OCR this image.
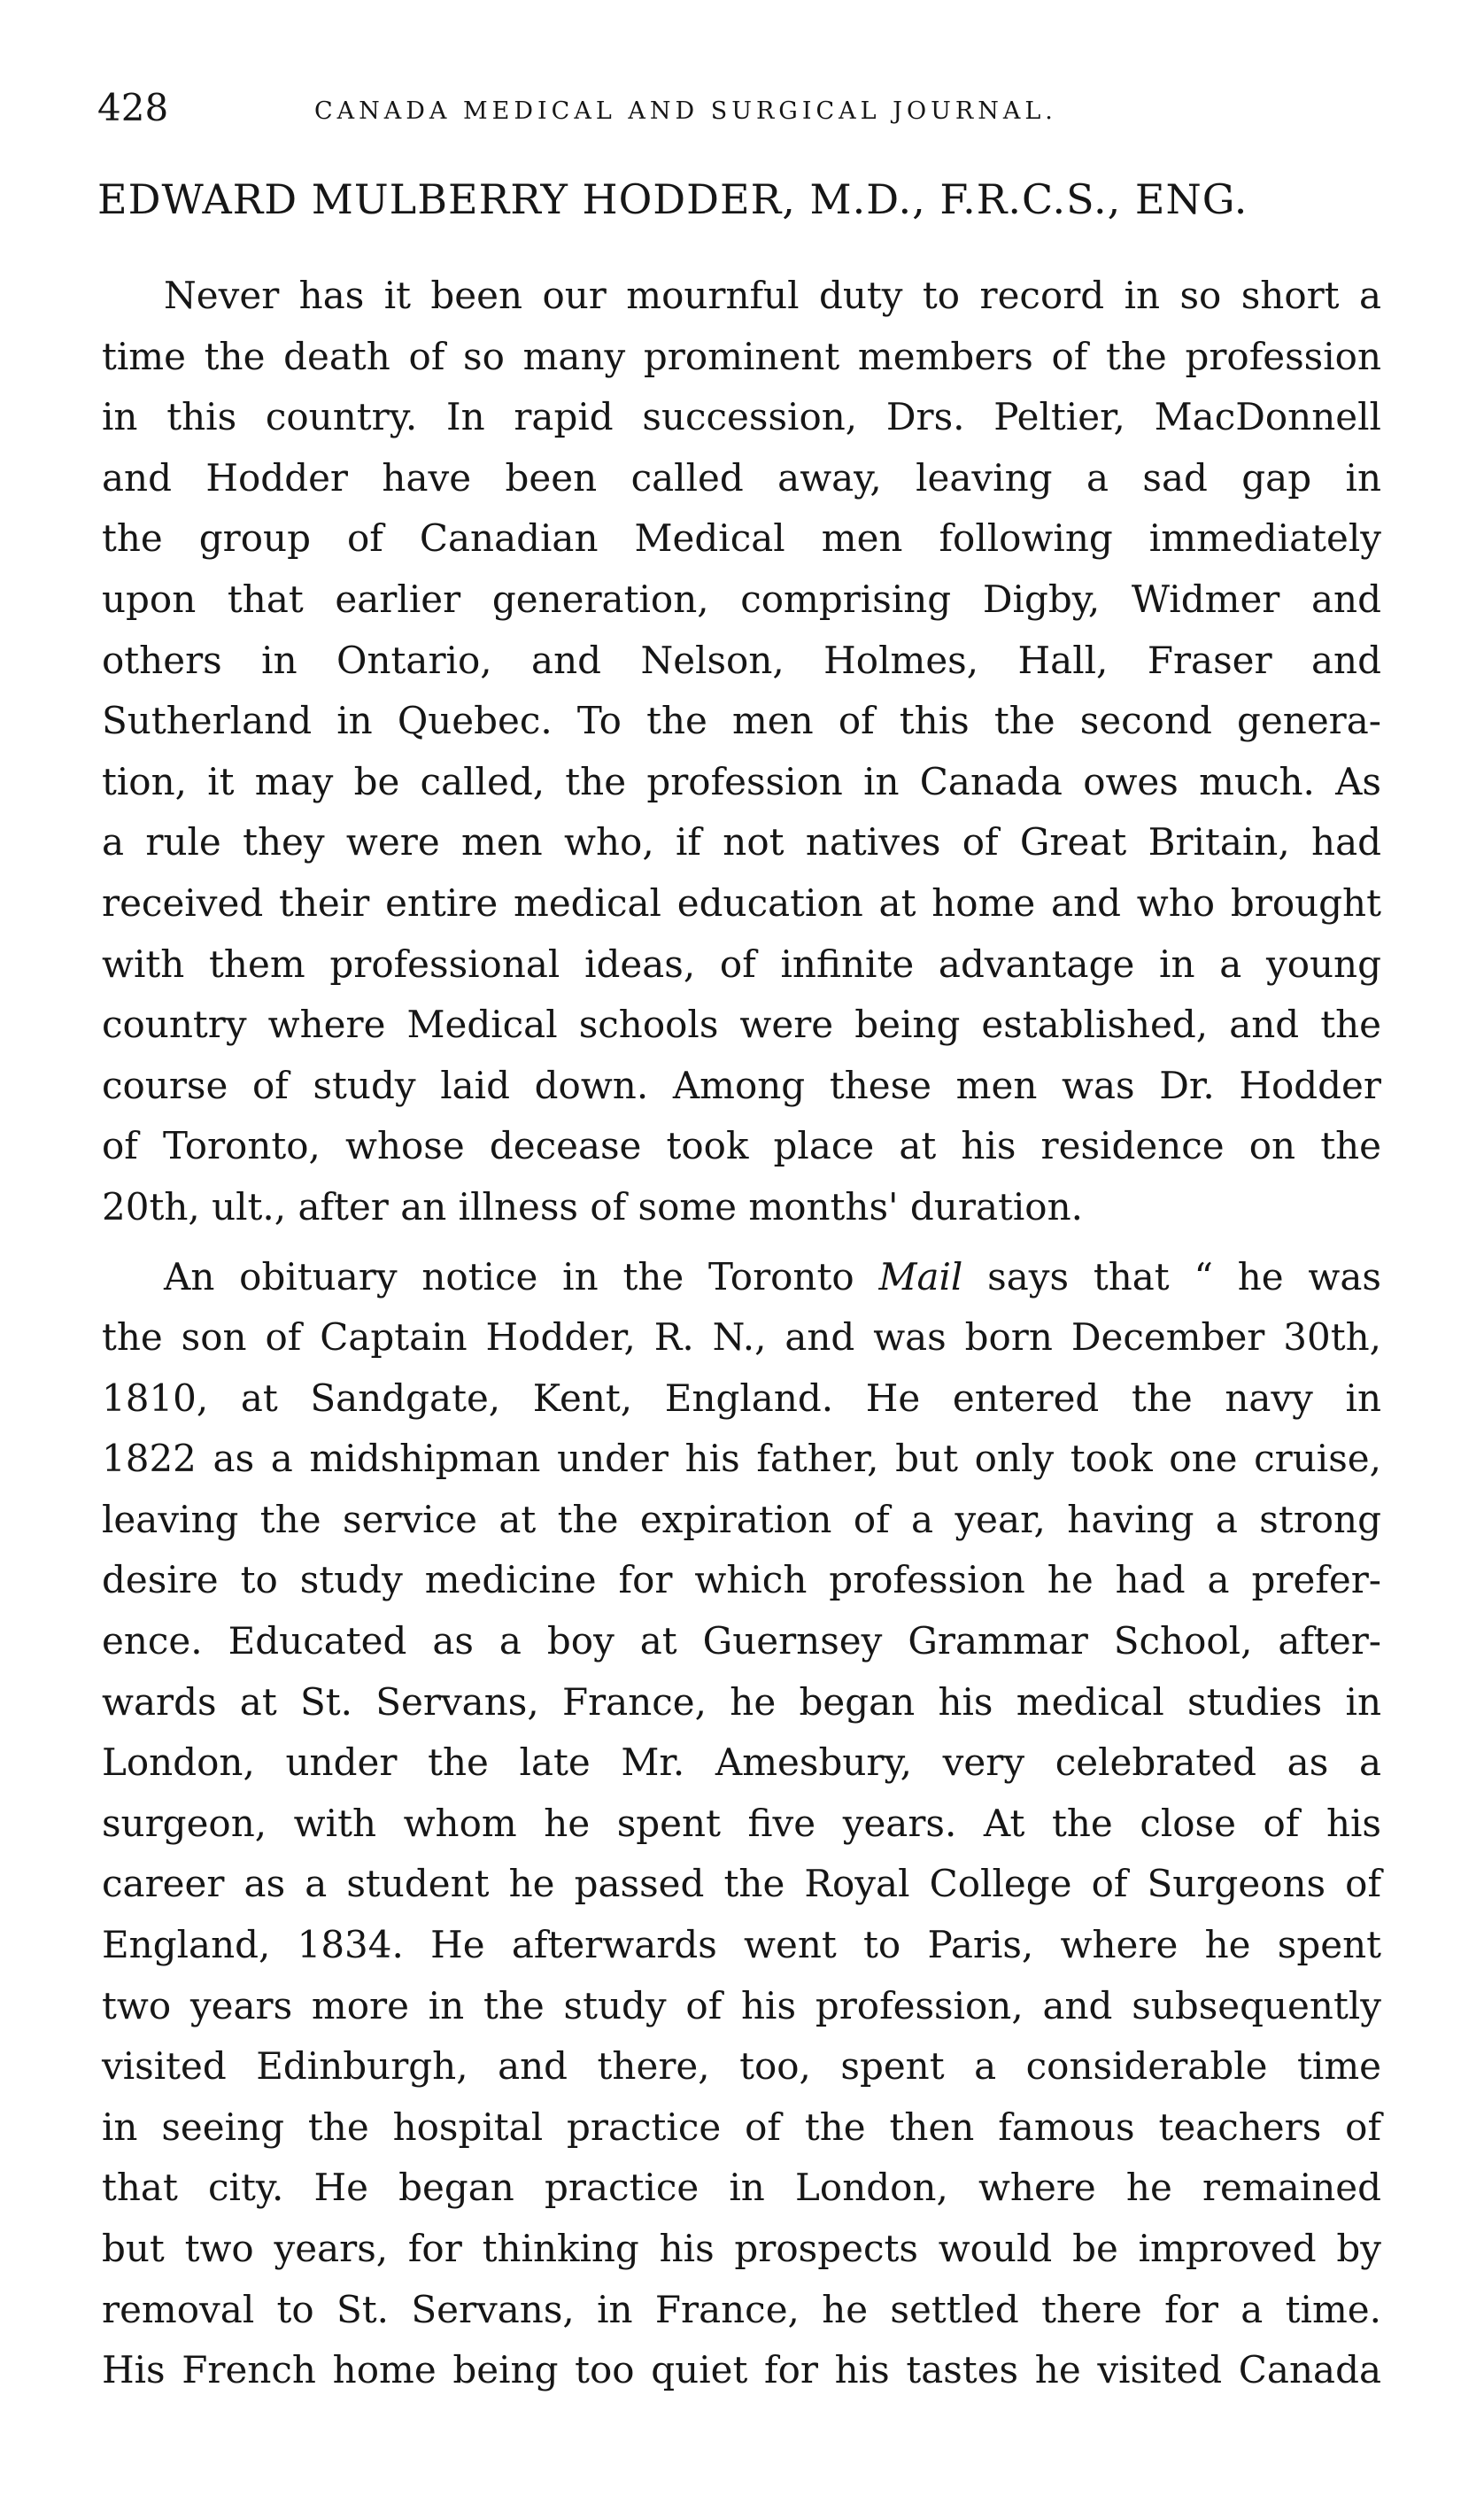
428	CANADA MEDICAL AND SURGICAL JOURNAL.
EDWARD MULBERRY HODDER, M.D., F.R.C.S., ENG.
Never has it been our mournful duty to record in so short a
time the death of so many prominent members of the profession
in this country. In rapid succession, Drs. Peltier, MacDonnell
and Hodder have been called away, leaving a sad gap in
the group of Canadian Medical men following immediately
upon that earlier generation, comprising Digby, Widmer and
others in Ontario, and Nelson, Holmes, Hall, Fraser and
Sutherland in Quebec. To the men of this the second genera-
tion, it may be called, the profession in Canada owes much. As
a rule they were men who, if not natives of Great Britain, had
received their entire medical education at home and who brought
with them professional ideas, of infinite advantage in a young
country where Medical schools were being established, and the
course of study laid down. Among these men was Dr. Hodder
of Toronto, whose decease took place at his residence on the
20th, ult., after an illness of some months' duration.
An obituary notice in the Toronto Mail says that “ he was
the son of Captain Hodder, R. N., and was born December 30th,
1810, at Sandgate, Kent, England. He entered the navy in
1822 as a midshipman under his father, but only took one cruise,
leaving the service at the expiration of a year, having a strong
desire to study medicine for which profession he had a prefer-
ence. Educated as a boy at Guernsey Grammar School, after-
wards at St. Servans, France, he began his medical studies in
London, under the late Mr. Amesbury, very celebrated as a
surgeon, with whom he spent five years. At the close of his
career as a student he passed the Royal College of Surgeons of
England, 1834. He afterwards went to Paris, where he spent
two years more in the study of his profession, and subsequently
visited Edinburgh, and there, too, spent a considerable time
in seeing the hospital practice of the then famous teachers of
that city. He began practice in London, where he remained
but two years, for thinking his prospects would be improved by
removal to St. Servans, in France, he settled there for a time.
His French home being too quiet for his tastes he visited Canada
